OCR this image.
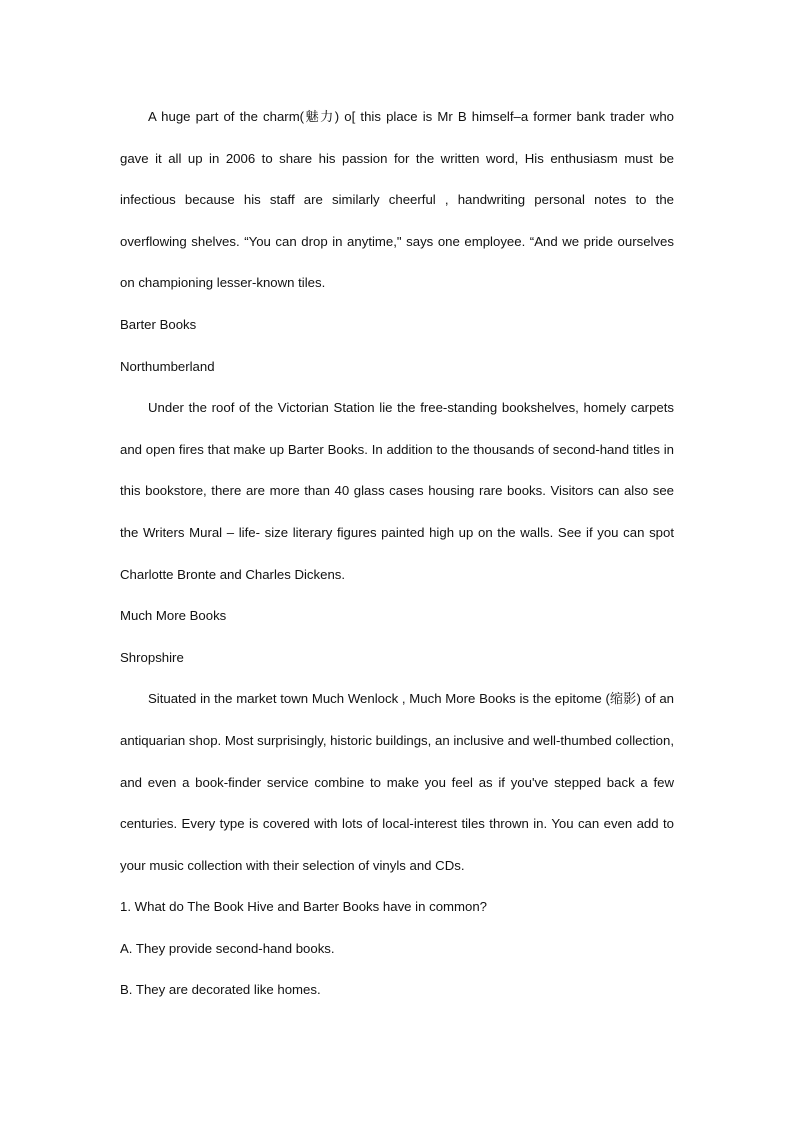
A huge part of the charm(魅力) o[ this place is Mr B himself–a former bank trader who gave it all up in 2006 to share his passion for the written word, His enthusiasm must be infectious because his staff are similarly cheerful , handwriting personal notes to the overflowing shelves. “You can drop in anytime," says one employee. “And we pride ourselves on championing lesser-known tiles.

Barter Books

Northumberland

Under the roof of the Victorian Station lie the free-standing bookshelves, homely carpets and open fires that make up Barter Books. In addition to the thousands of second-hand titles in this bookstore, there are more than 40 glass cases housing rare books. Visitors can also see the Writers Mural – life- size literary figures painted high up on the walls. See if you can spot Charlotte Bronte and Charles Dickens.

Much More Books

Shropshire

Situated in the market town Much Wenlock , Much More Books is the epitome (缩影) of an antiquarian shop. Most surprisingly, historic buildings, an inclusive and well-thumbed collection, and even a book-finder service combine to make you feel as if you've stepped back a few centuries. Every type is covered with lots of local-interest tiles thrown in. You can even add to your music collection with their selection of vinyls and CDs.

1. What do The Book Hive and Barter Books have in common?

A. They provide second-hand books.

B. They are decorated like homes.
